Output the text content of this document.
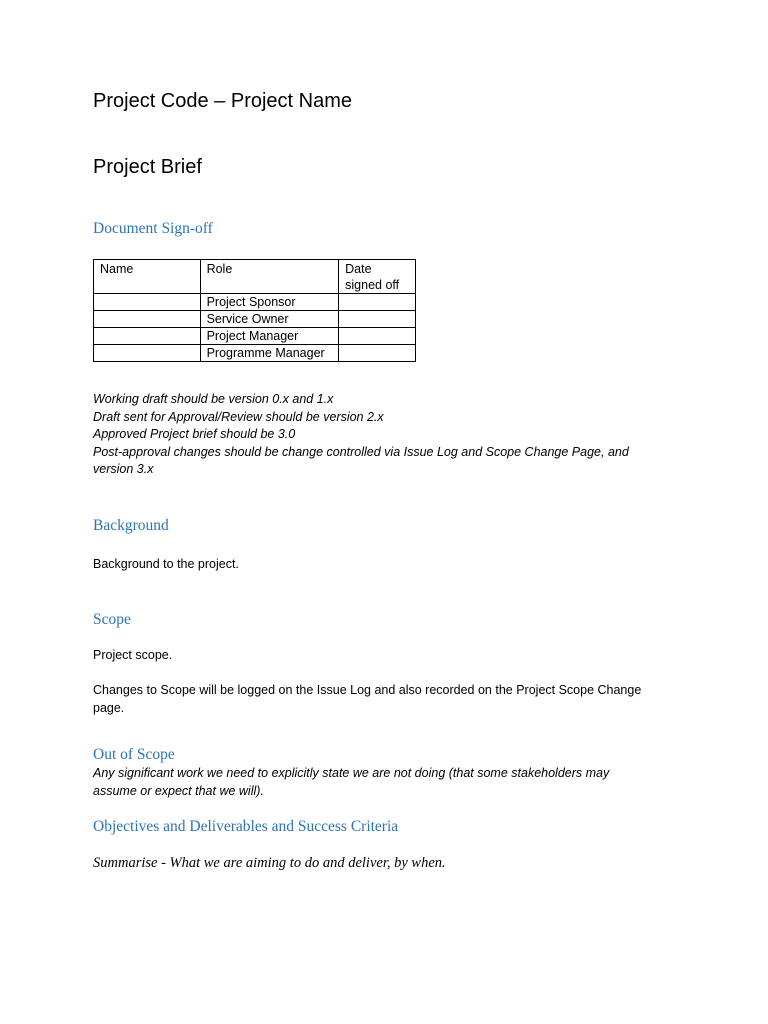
Project Code – Project Name
Project Brief
Document Sign-off
Name	Role	Date signed off
	Project Sponsor	
	Service Owner	
	Project Manager	
	Programme Manager	
Working draft should be version 0.x and 1.x
Draft sent for Approval/Review should be version 2.x
Approved Project brief should be 3.0
Post-approval changes should be change controlled via Issue Log and Scope Change Page, and version 3.x
Background

Background to the project.

Scope

Project scope.

Changes to Scope will be logged on the Issue Log and also recorded on the Project Scope Change page.

Out of Scope

Any significant work we need to explicitly state we are not doing (that some stakeholders may assume or expect that we will).

Objectives and Deliverables and Success Criteria

Summarise - What we are aiming to do and deliver, by when.
